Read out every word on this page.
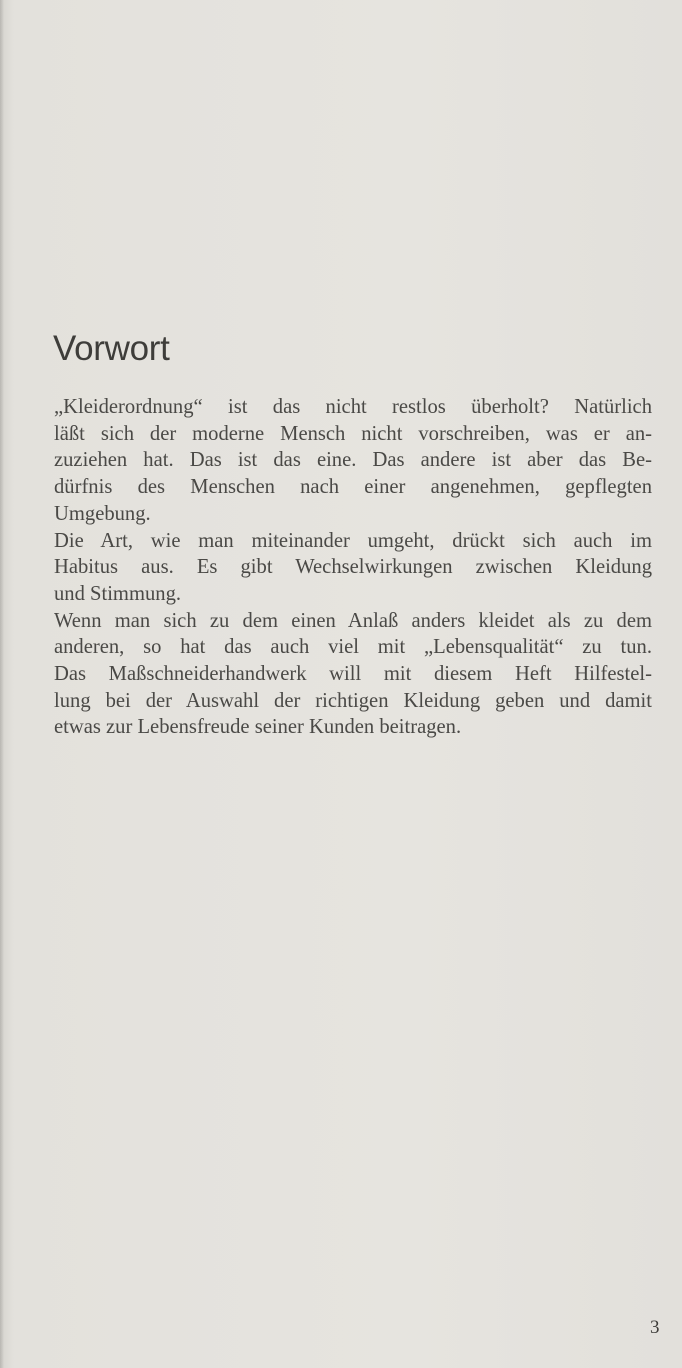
Vorwort
„Kleiderordnung“ ist das nicht restlos überholt? Natürlich
läßt sich der moderne Mensch nicht vorschreiben, was er an-
zuziehen hat. Das ist das eine. Das andere ist aber das Be-
dürfnis des Menschen nach einer angenehmen, gepflegten
Umgebung.
Die Art, wie man miteinander umgeht, drückt sich auch im
Habitus aus. Es gibt Wechselwirkungen zwischen Kleidung
und Stimmung.
Wenn man sich zu dem einen Anlaß anders kleidet als zu dem
anderen, so hat das auch viel mit „Lebensqualität“ zu tun.
Das Maßschneiderhandwerk will mit diesem Heft Hilfestel-
lung bei der Auswahl der richtigen Kleidung geben und damit
etwas zur Lebensfreude seiner Kunden beitragen.
3
